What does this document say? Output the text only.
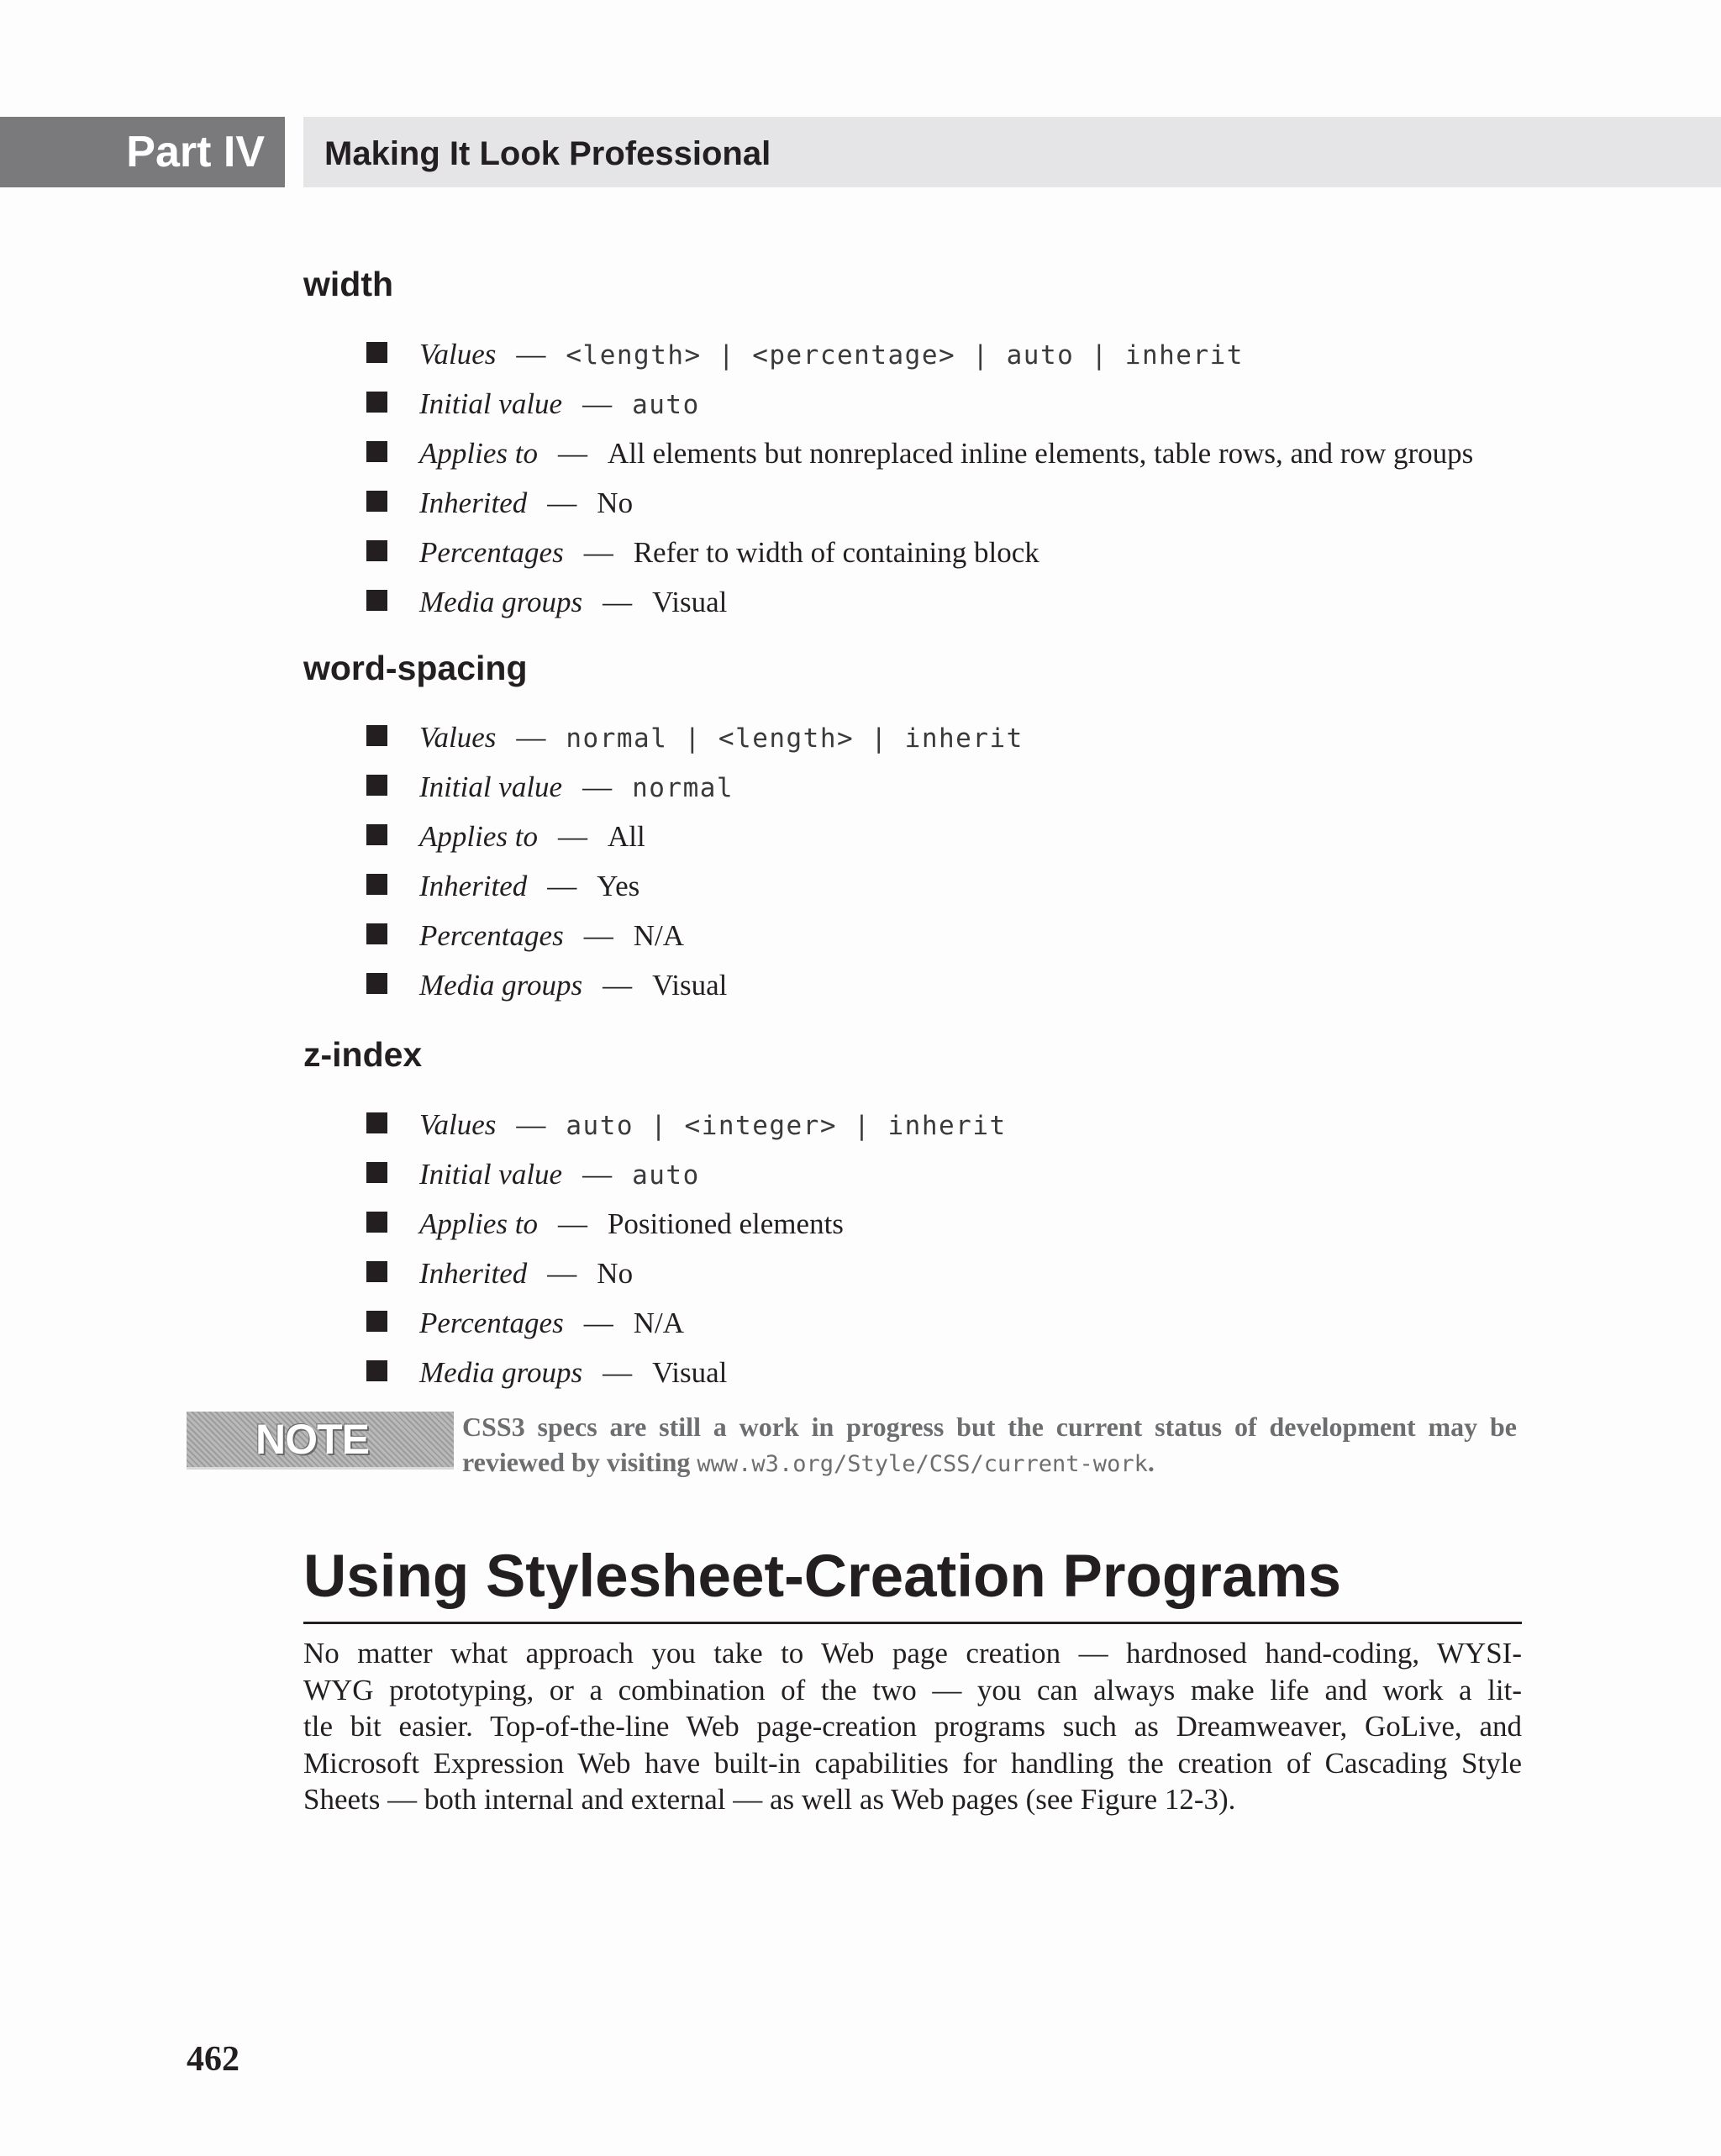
Part IV	Making It Look Professional
width
Values — <length> | <percentage> | auto | inherit
Initial value — auto
Applies to — All elements but nonreplaced inline elements, table rows, and row groups
Inherited — No
Percentages — Refer to width of containing block
Media groups — Visual
word-spacing
Values — normal | <length> | inherit
Initial value — normal
Applies to — All
Inherited — Yes
Percentages — N/A
Media groups — Visual
z-index
Values — auto | <integer> | inherit
Initial value — auto
Applies to — Positioned elements
Inherited — No
Percentages — N/A
Media groups — Visual
NOTE	CSS3 specs are still a work in progress but the current status of development may be reviewed by visiting www.w3.org/Style/CSS/current-work.
Using Stylesheet-Creation Programs
No matter what approach you take to Web page creation — hardnosed hand-coding, WYSI-
WYG prototyping, or a combination of the two — you can always make life and work a lit-
tle bit easier. Top-of-the-line Web page-creation programs such as Dreamweaver, GoLive, and
Microsoft Expression Web have built-in capabilities for handling the creation of Cascading Style
Sheets — both internal and external — as well as Web pages (see Figure 12-3).
462
